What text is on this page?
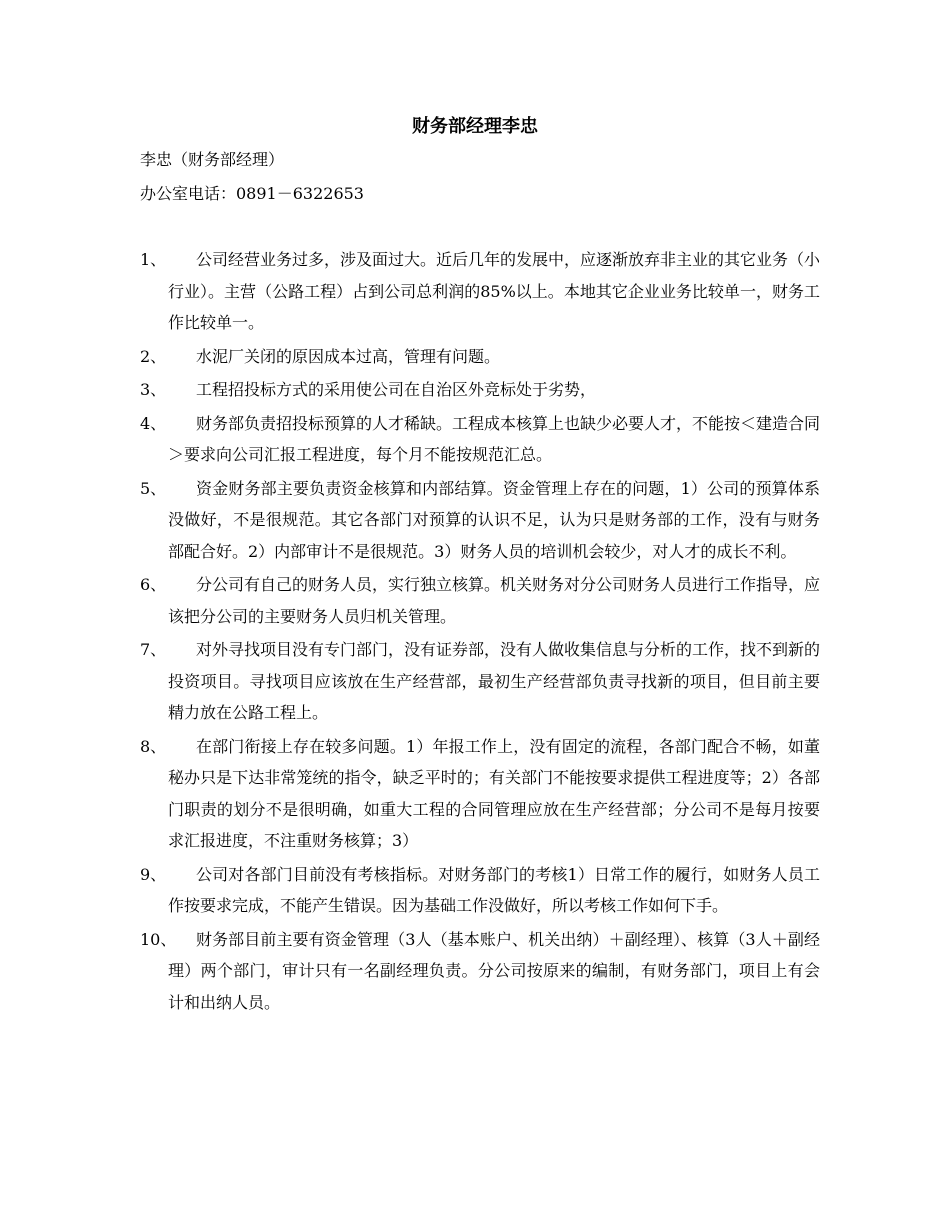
财务部经理李忠
李忠（财务部经理）
办公室电话：0891－6322653
1、	公司经营业务过多，涉及面过大。近后几年的发展中，应逐渐放弃非主业的其它业务（小行业）。主营（公路工程）占到公司总利润的85%以上。本地其它企业业务比较单一，财务工作比较单一。
2、	水泥厂关闭的原因成本过高，管理有问题。
3、	工程招投标方式的采用使公司在自治区外竞标处于劣势，
4、	财务部负责招投标预算的人才稀缺。工程成本核算上也缺少必要人才，不能按＜建造合同＞要求向公司汇报工程进度，每个月不能按规范汇总。
5、	资金财务部主要负责资金核算和内部结算。资金管理上存在的问题，1）公司的预算体系没做好，不是很规范。其它各部门对预算的认识不足，认为只是财务部的工作，没有与财务部配合好。2）内部审计不是很规范。3）财务人员的培训机会较少，对人才的成长不利。
6、	分公司有自己的财务人员，实行独立核算。机关财务对分公司财务人员进行工作指导，应该把分公司的主要财务人员归机关管理。
7、	对外寻找项目没有专门部门，没有证券部，没有人做收集信息与分析的工作，找不到新的投资项目。寻找项目应该放在生产经营部，最初生产经营部负责寻找新的项目，但目前主要精力放在公路工程上。
8、	在部门衔接上存在较多问题。1）年报工作上，没有固定的流程，各部门配合不畅，如董秘办只是下达非常笼统的指令，缺乏平时的；有关部门不能按要求提供工程进度等；2）各部门职责的划分不是很明确，如重大工程的合同管理应放在生产经营部；分公司不是每月按要求汇报进度，不注重财务核算；3）
9、	公司对各部门目前没有考核指标。对财务部门的考核1）日常工作的履行，如财务人员工作按要求完成，不能产生错误。因为基础工作没做好，所以考核工作如何下手。
10、	财务部目前主要有资金管理（3人（基本账户、机关出纳）＋副经理）、核算（3人＋副经理）两个部门，审计只有一名副经理负责。分公司按原来的编制，有财务部门，项目上有会计和出纳人员。
